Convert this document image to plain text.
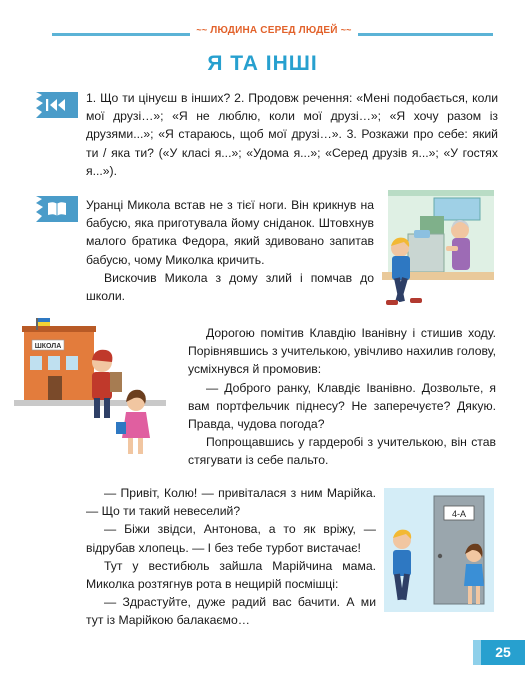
~~ ЛЮДИНА СЕРЕД ЛЮДЕЙ ~~
Я ТА ІНШІ

1. Що ти цінуєш в інших? 2. Продовж речення: «Мені подобається, коли мої друзі…»; «Я не люблю, коли мої друзі…»; «Я хочу разом із друзями...»; «Я стараюсь, щоб мої друзі…». 3. Розкажи про себе: який ти / яка ти? («У класі я...»; «Удома я...»; «Серед друзів я...»; «У гостях я...»).

Уранці Микола встав не з тієї ноги. Він крикнув на бабусю, яка приготувала йому сніданок. Штовхнув малого братика Федора, який здивовано запитав бабусю, чому Миколка кричить.

Вискочив Микола з дому злий і помчав до школи.

Дорогою помітив Клавдію Іванівну і стишив ходу. Порівнявшись з учителькою, увічливо нахилив голову, усміхнувся й промовив:

— Доброго ранку, Клавдіє Іванівно. Дозвольте, я вам портфельчик піднесу? Не заперечуєте? Дякую. Правда, чудова погода?

Попрощавшись у гардеробі з учителькою, він став стягувати із себе пальто.

— Привіт, Колю! — привіталася з ним Марійка. — Що ти такий невеселий?

— Біжи звідси, Антонова, а то як вріжу, — відрубав хлопець. — І без тебе турбот вистачає!

Тут у вестибюль зайшла Марійчина мама. Миколка розтягнув рота в нещирій посмішці:

— Здрастуйте, дуже радий вас бачити. А ми тут із Марійкою балакаємо…

ШКОЛА
4-А
25
